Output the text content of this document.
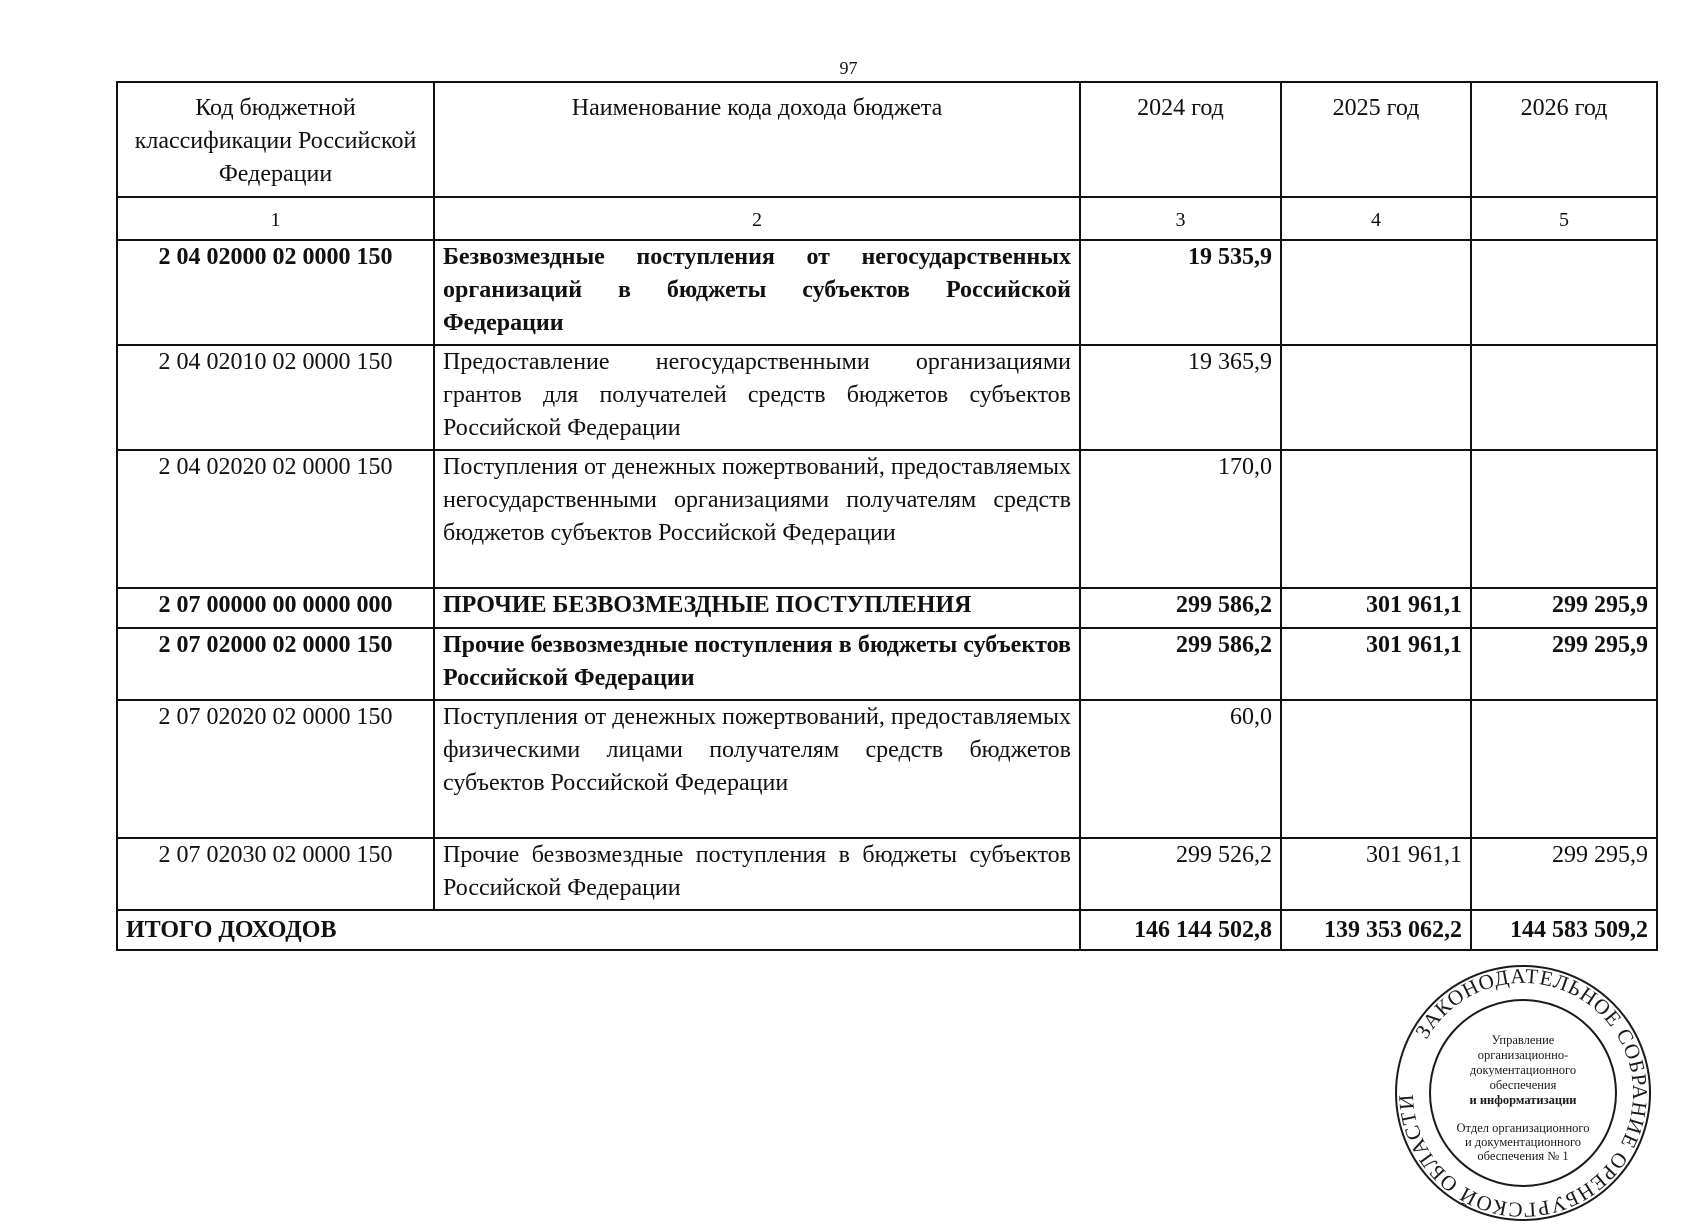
97
Код бюджетной классификации Российской Федерации	Наименование кода дохода бюджета	2024 год	2025 год	2026 год
1	2	3	4	5
2 04 02000 02 0000 150	Безвозмездные поступления от негосударственных организаций в бюджеты субъектов Российской Федерации	19 535,9		
2 04 02010 02 0000 150	Предоставление негосударственными организациями грантов для получателей средств бюджетов субъектов Российской Федерации	19 365,9		
2 04 02020 02 0000 150	Поступления от денежных пожертвований, предоставляемых негосударственными организациями получателям средств бюджетов субъектов Российской Федерации	170,0		
2 07 00000 00 0000 000	ПРОЧИЕ БЕЗВОЗМЕЗДНЫЕ ПОСТУПЛЕНИЯ	299 586,2	301 961,1	299 295,9
2 07 02000 02 0000 150	Прочие безвозмездные поступления в бюджеты субъектов Российской Федерации	299 586,2	301 961,1	299 295,9
2 07 02020 02 0000 150	Поступления от денежных пожертвований, предоставляемых физическими лицами получателям средств бюджетов субъектов Российской Федерации	60,0		
2 07 02030 02 0000 150	Прочие безвозмездные поступления в бюджеты субъектов Российской Федерации	299 526,2	301 961,1	299 295,9
ИТОГО ДОХОДОВ		146 144 502,8	139 353 062,2	144 583 509,2
ЗАКОНОДАТЕЛЬНОЕ СОБРАНИЕ ОРЕНБУРГСКОЙ ОБЛАСТИ
Управление
организационно-
документационного
обеспечения
и информатизации
Отдел организационного
и документационного
обеспечения № 1
